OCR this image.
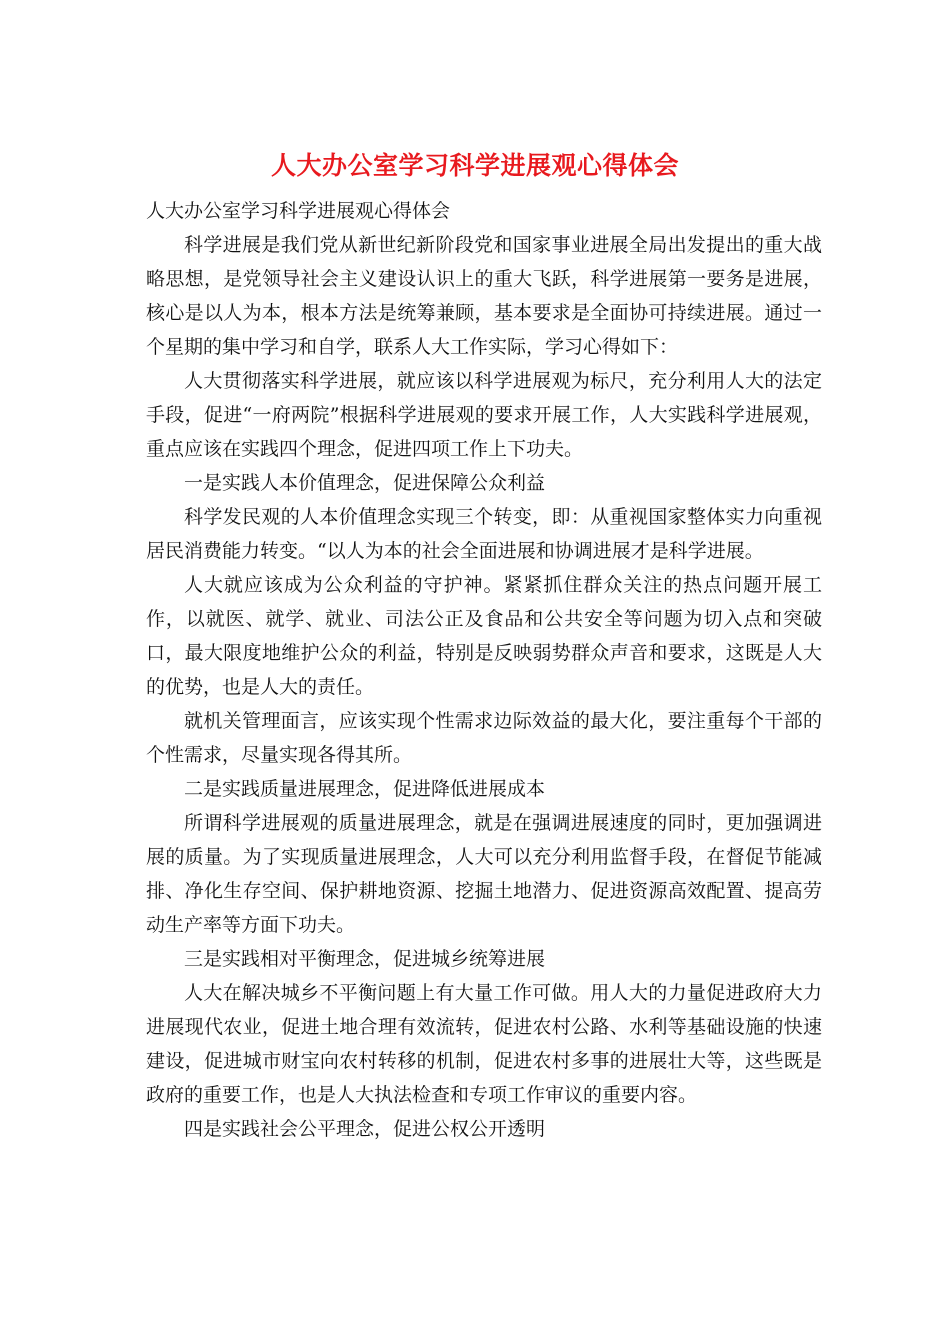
人大办公室学习科学进展观心得体会

人大办公室学习科学进展观心得体会

科学进展是我们党从新世纪新阶段党和国家事业进展全局出发提出的重大战略思想，是党领导社会主义建设认识上的重大飞跃，科学进展第一要务是进展，核心是以人为本，根本方法是统筹兼顾，基本要求是全面协可持续进展。通过一个星期的集中学习和自学，联系人大工作实际，学习心得如下：

人大贯彻落实科学进展，就应该以科学进展观为标尺，充分利用人大的法定手段，促进“一府两院”根据科学进展观的要求开展工作，人大实践科学进展观，重点应该在实践四个理念，促进四项工作上下功夫。

一是实践人本价值理念，促进保障公众利益

科学发民观的人本价值理念实现三个转变，即：从重视国家整体实力向重视居民消费能力转变。“以人为本的社会全面进展和协调进展才是科学进展。

人大就应该成为公众利益的守护神。紧紧抓住群众关注的热点问题开展工作，以就医、就学、就业、司法公正及食品和公共安全等问题为切入点和突破口，最大限度地维护公众的利益，特别是反映弱势群众声音和要求，这既是人大的优势，也是人大的责任。

就机关管理面言，应该实现个性需求边际效益的最大化，要注重每个干部的个性需求，尽量实现各得其所。

二是实践质量进展理念，促进降低进展成本

所谓科学进展观的质量进展理念，就是在强调进展速度的同时，更加强调进展的质量。为了实现质量进展理念，人大可以充分利用监督手段，在督促节能减排、净化生存空间、保护耕地资源、挖掘土地潜力、促进资源高效配置、提高劳动生产率等方面下功夫。

三是实践相对平衡理念，促进城乡统筹进展

人大在解决城乡不平衡问题上有大量工作可做。用人大的力量促进政府大力进展现代农业，促进土地合理有效流转，促进农村公路、水利等基础设施的快速建设，促进城市财宝向农村转移的机制，促进农村多事的进展壮大等，这些既是政府的重要工作，也是人大执法检查和专项工作审议的重要内容。

四是实践社会公平理念，促进公权公开透明
